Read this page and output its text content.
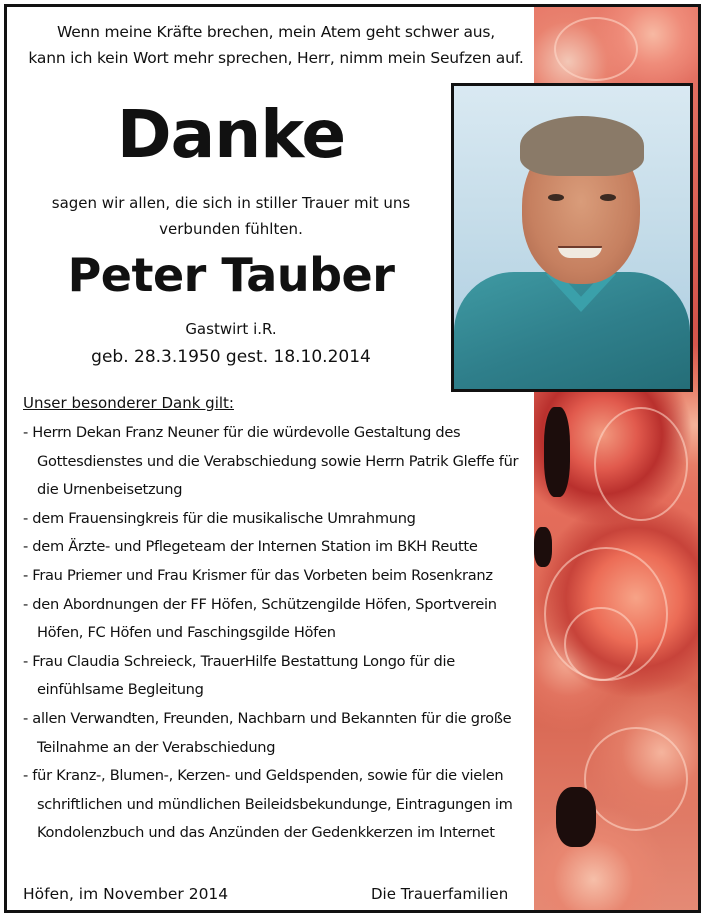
Wenn meine Kräfte brechen, mein Atem geht schwer aus,
kann ich kein Wort mehr sprechen, Herr, nimm mein Seufzen auf.
Danke
sagen wir allen, die sich in stiller Trauer mit uns
verbunden fühlten.
Peter Tauber
Gastwirt i.R.
geb. 28.3.1950 gest. 18.10.2014
Unser besonderer Dank gilt:
- Herrn Dekan Franz Neuner für die würdevolle Gestaltung des Gottesdienstes und die Verabschiedung sowie Herrn Patrik Gleffe für die Urnenbeisetzung
- dem Frauensingkreis für die musikalische Umrahmung
- dem Ärzte- und Pflegeteam der Internen Station im BKH Reutte
- Frau Priemer und Frau Krismer für das Vorbeten beim Rosenkranz
- den Abordnungen der FF Höfen, Schützengilde Höfen, Sportverein Höfen, FC Höfen und Faschingsgilde Höfen
- Frau Claudia Schreieck, TrauerHilfe Bestattung Longo für die einfühlsame Begleitung
- allen Verwandten, Freunden, Nachbarn und Bekannten für die große Teilnahme an der Verabschiedung
- für Kranz-, Blumen-, Kerzen- und Geldspenden, sowie für die vielen schriftlichen und mündlichen Beileidsbekundunge, Eintragungen im Kondolenzbuch und das Anzünden der Gedenkkerzen im Internet
Höfen, im November 2014	Die Trauerfamilien
